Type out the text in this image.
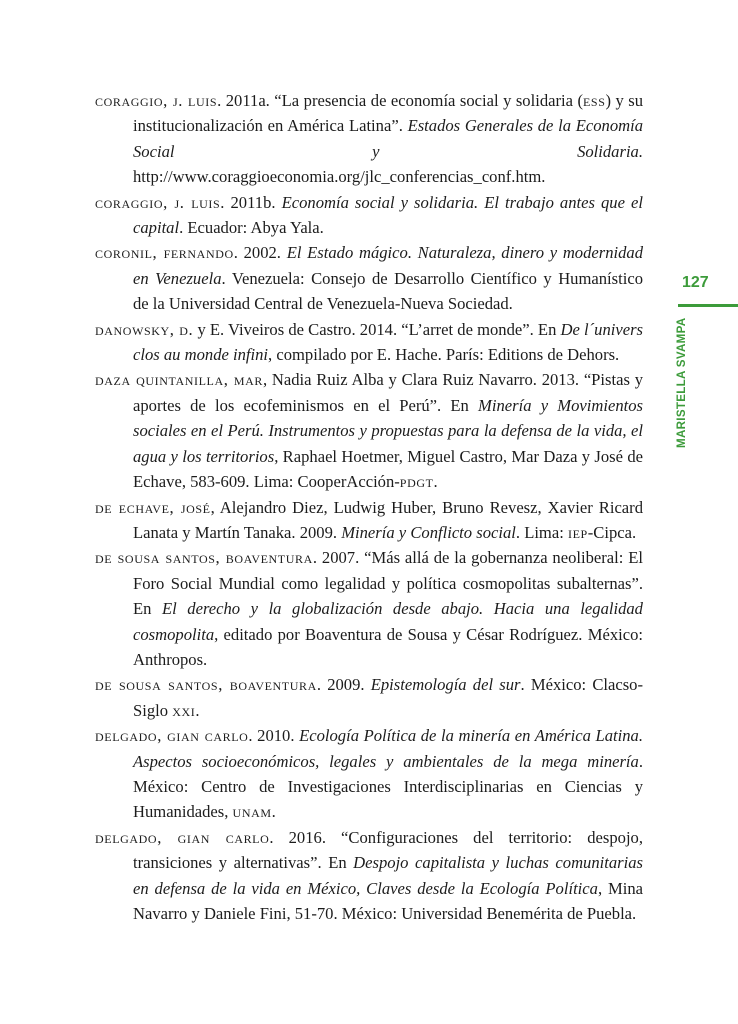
coraggio, j. luis. 2011a. “La presencia de economía social y solidaria (ess) y su institucionalización en América Latina”. Estados Generales de la Economía Social y Solidaria. http://www.coraggioeconomia.org/jlc_conferencias_conf.htm.
coraggio, j. luis. 2011b. Economía social y solidaria. El trabajo antes que el capital. Ecuador: Abya Yala.
coronil, fernando. 2002. El Estado mágico. Naturaleza, dinero y modernidad en Venezuela. Venezuela: Consejo de Desarrollo Científico y Humanístico de la Universidad Central de Venezuela-Nueva Sociedad.
danowsky, d. y E. Viveiros de Castro. 2014. “L’arret de monde”. En De l´univers clos au monde infini, compilado por E. Hache. París: Editions de Dehors.
daza quintanilla, mar, Nadia Ruiz Alba y Clara Ruiz Navarro. 2013. “Pistas y aportes de los ecofeminismos en el Perú”. En Minería y Movimientos sociales en el Perú. Instrumentos y propuestas para la defensa de la vida, el agua y los territorios, Raphael Hoetmer, Miguel Castro, Mar Daza y José de Echave, 583-609. Lima: CooperAcción-pdgt.
de echave, josé, Alejandro Diez, Ludwig Huber, Bruno Revesz, Xavier Ricard Lanata y Martín Tanaka. 2009. Minería y Conflicto social. Lima: iep-Cipca.
de sousa santos, boaventura. 2007. “Más allá de la gobernanza neoliberal: El Foro Social Mundial como legalidad y política cosmopolitas subalternas”. En El derecho y la globalización desde abajo. Hacia una legalidad cosmopolita, editado por Boaventura de Sousa y César Rodríguez. México: Anthropos.
de sousa santos, boaventura. 2009. Epistemología del sur. México: Clacso-Siglo xxi.
delgado, gian carlo. 2010. Ecología Política de la minería en América Latina. Aspectos socioeconómicos, legales y ambientales de la mega minería. México: Centro de Investigaciones Interdisciplinarias en Ciencias y Humanidades, unam.
delgado, gian carlo. 2016. “Configuraciones del territorio: despojo, transiciones y alternativas”. En Despojo capitalista y luchas comunitarias en defensa de la vida en México, Claves desde la Ecología Política, Mina Navarro y Daniele Fini, 51-70. México: Universidad Benemérita de Puebla.
127
MARISTELLA SVAMPA
